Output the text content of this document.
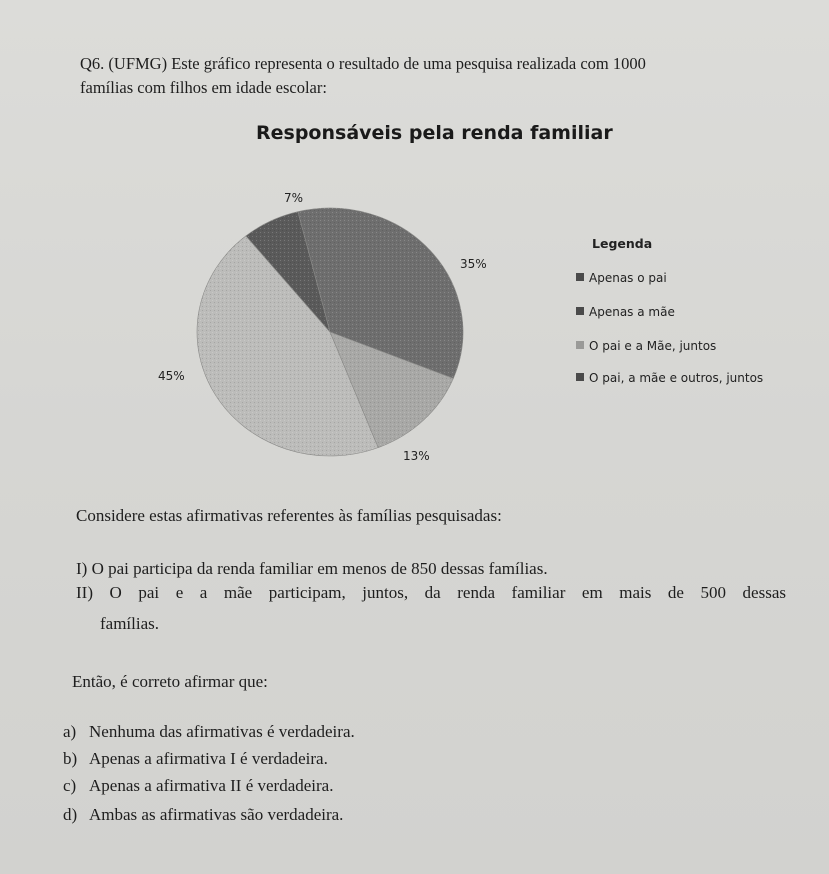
Q6. (UFMG) Este gráfico representa o resultado de uma pesquisa realizada com 1000
famílias com filhos em idade escolar:

Responsáveis pela renda familiar
35%
13%
45%
7%
Legenda
Apenas o pai
Apenas a mãe
O pai e a Mãe, juntos
O pai, a mãe e outros, juntos

Considere estas afirmativas referentes às famílias pesquisadas:

I) O pai participa da renda familiar em menos de 850 dessas famílias.

II) O pai e a mãe participam, juntos, da renda familiar em mais de 500 dessas

famílias.

Então, é correto afirmar que:

a) Nenhuma das afirmativas é verdadeira.

b) Apenas a afirmativa I é verdadeira.

c) Apenas a afirmativa II é verdadeira.

d) Ambas as afirmativas são verdadeira.
